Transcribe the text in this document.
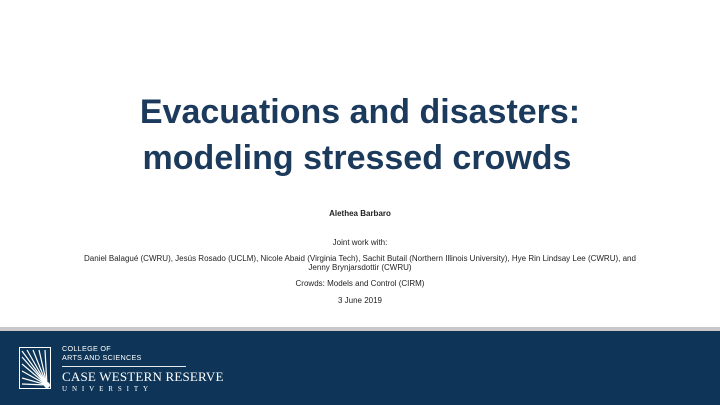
Evacuations and disasters:
modeling stressed crowds
Alethea Barbaro
Joint work with:
Daniel Balagué (CWRU), Jesús Rosado (UCLM), Nicole Abaid (Virginia Tech), Sachit Butail (Northern Illinois University), Hye Rin Lindsay Lee (CWRU), and Jenny Brynjarsdottir (CWRU)
Crowds: Models and Control (CIRM)
3 June 2019
COLLEGE OF
ARTS AND SCIENCES
CASE WESTERN RESERVE
UNIVERSITY
